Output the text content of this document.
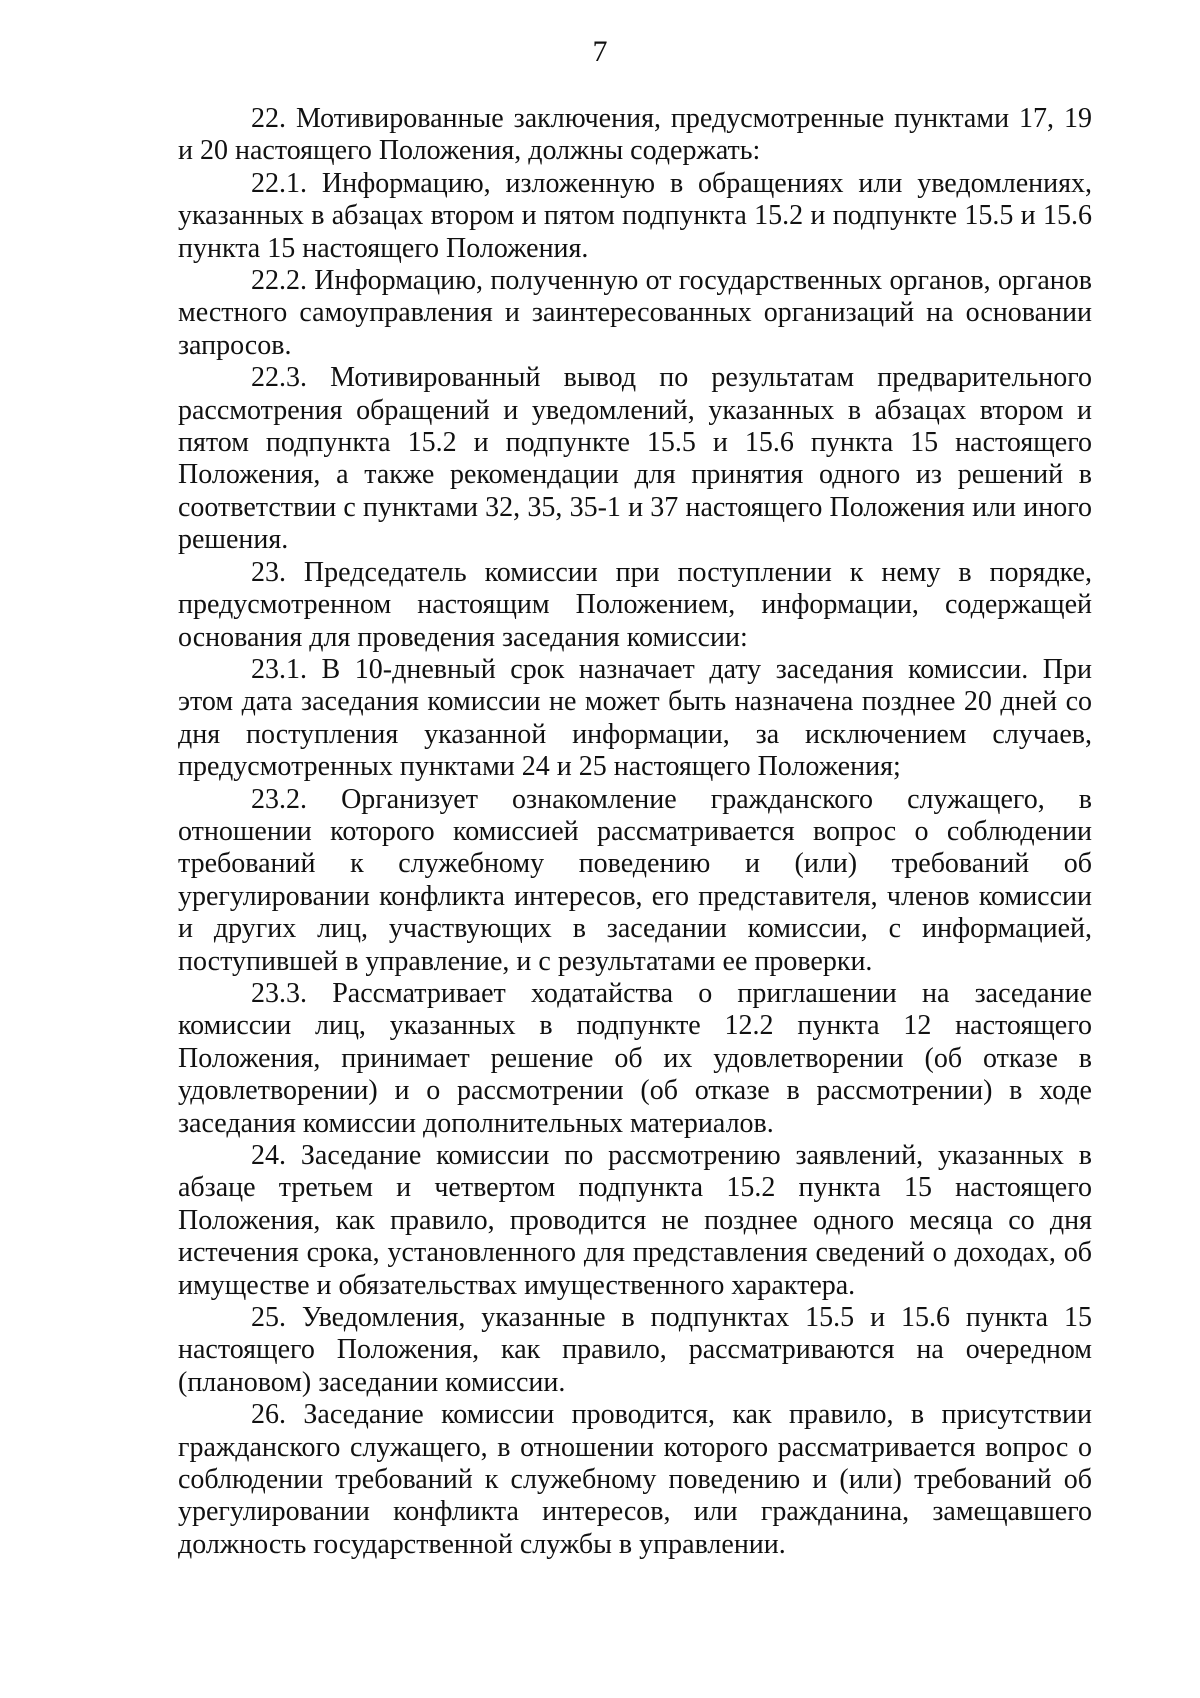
7

22. Мотивированные заключения, предусмотренные пунктами 17, 19 и 20 настоящего Положения, должны содержать:

22.1. Информацию, изложенную в обращениях или уведомлениях, указанных в абзацах втором и пятом подпункта 15.2 и подпункте 15.5 и 15.6 пункта 15 настоящего Положения.

22.2. Информацию, полученную от государственных органов, органов местного самоуправления и заинтересованных организаций на основании запросов.

22.3. Мотивированный вывод по результатам предварительного рассмотрения обращений и уведомлений, указанных в абзацах втором и пятом подпункта 15.2 и подпункте 15.5 и 15.6 пункта 15 настоящего Положения, а также рекомендации для принятия одного из решений в соответствии с пунктами 32, 35, 35-1 и 37 настоящего Положения или иного решения.

23. Председатель комиссии при поступлении к нему в порядке, предусмотренном настоящим Положением, информации, содержащей основания для проведения заседания комиссии:

23.1. В 10-дневный срок назначает дату заседания комиссии. При этом дата заседания комиссии не может быть назначена позднее 20 дней со дня поступления указанной информации, за исключением случаев, предусмотренных пунктами 24 и 25 настоящего Положения;

23.2. Организует ознакомление гражданского служащего, в отношении которого комиссией рассматривается вопрос о соблюдении требований к служебному поведению и (или) требований об урегулировании конфликта интересов, его представителя, членов комиссии и других лиц, участвующих в заседании комиссии, с информацией, поступившей в управление, и с результатами ее проверки.

23.3. Рассматривает ходатайства о приглашении на заседание комиссии лиц, указанных в подпункте 12.2 пункта 12 настоящего Положения, принимает решение об их удовлетворении (об отказе в удовлетворении) и о рассмотрении (об отказе в рассмотрении) в ходе заседания комиссии дополнительных материалов.

24. Заседание комиссии по рассмотрению заявлений, указанных в абзаце третьем и четвертом подпункта 15.2 пункта 15 настоящего Положения, как правило, проводится не позднее одного месяца со дня истечения срока, установленного для представления сведений о доходах, об имуществе и обязательствах имущественного характера.

25. Уведомления, указанные в подпунктах 15.5 и 15.6 пункта 15 настоящего Положения, как правило, рассматриваются на очередном (плановом) заседании комиссии.

26. Заседание комиссии проводится, как правило, в присутствии гражданского служащего, в отношении которого рассматривается вопрос о соблюдении требований к служебному поведению и (или) требований об урегулировании конфликта интересов, или гражданина, замещавшего должность государственной службы в управлении.
